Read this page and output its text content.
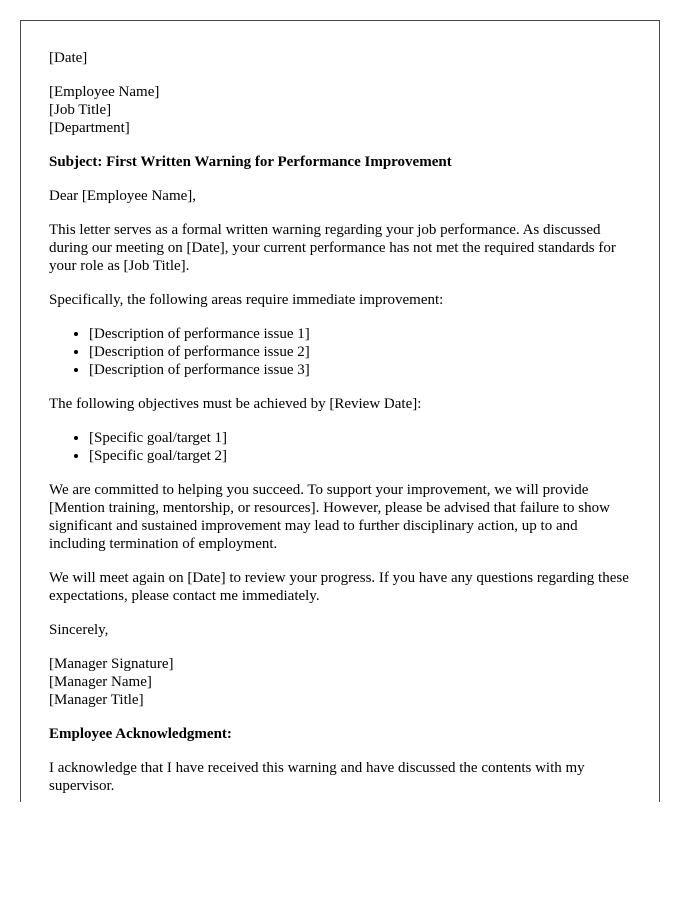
[Date]

[Employee Name]
[Job Title]
[Department]

Subject: First Written Warning for Performance Improvement

Dear [Employee Name],

This letter serves as a formal written warning regarding your job performance. As discussed during our meeting on [Date], your current performance has not met the required standards for your role as [Job Title].

Specifically, the following areas require immediate improvement:

• [Description of performance issue 1]
• [Description of performance issue 2]
• [Description of performance issue 3]

The following objectives must be achieved by [Review Date]:

• [Specific goal/target 1]
• [Specific goal/target 2]

We are committed to helping you succeed. To support your improvement, we will provide [Mention training, mentorship, or resources]. However, please be advised that failure to show significant and sustained improvement may lead to further disciplinary action, up to and including termination of employment.

We will meet again on [Date] to review your progress. If you have any questions regarding these expectations, please contact me immediately.

Sincerely,

[Manager Signature]
[Manager Name]
[Manager Title]

Employee Acknowledgment:

I acknowledge that I have received this warning and have discussed the contents with my supervisor.
